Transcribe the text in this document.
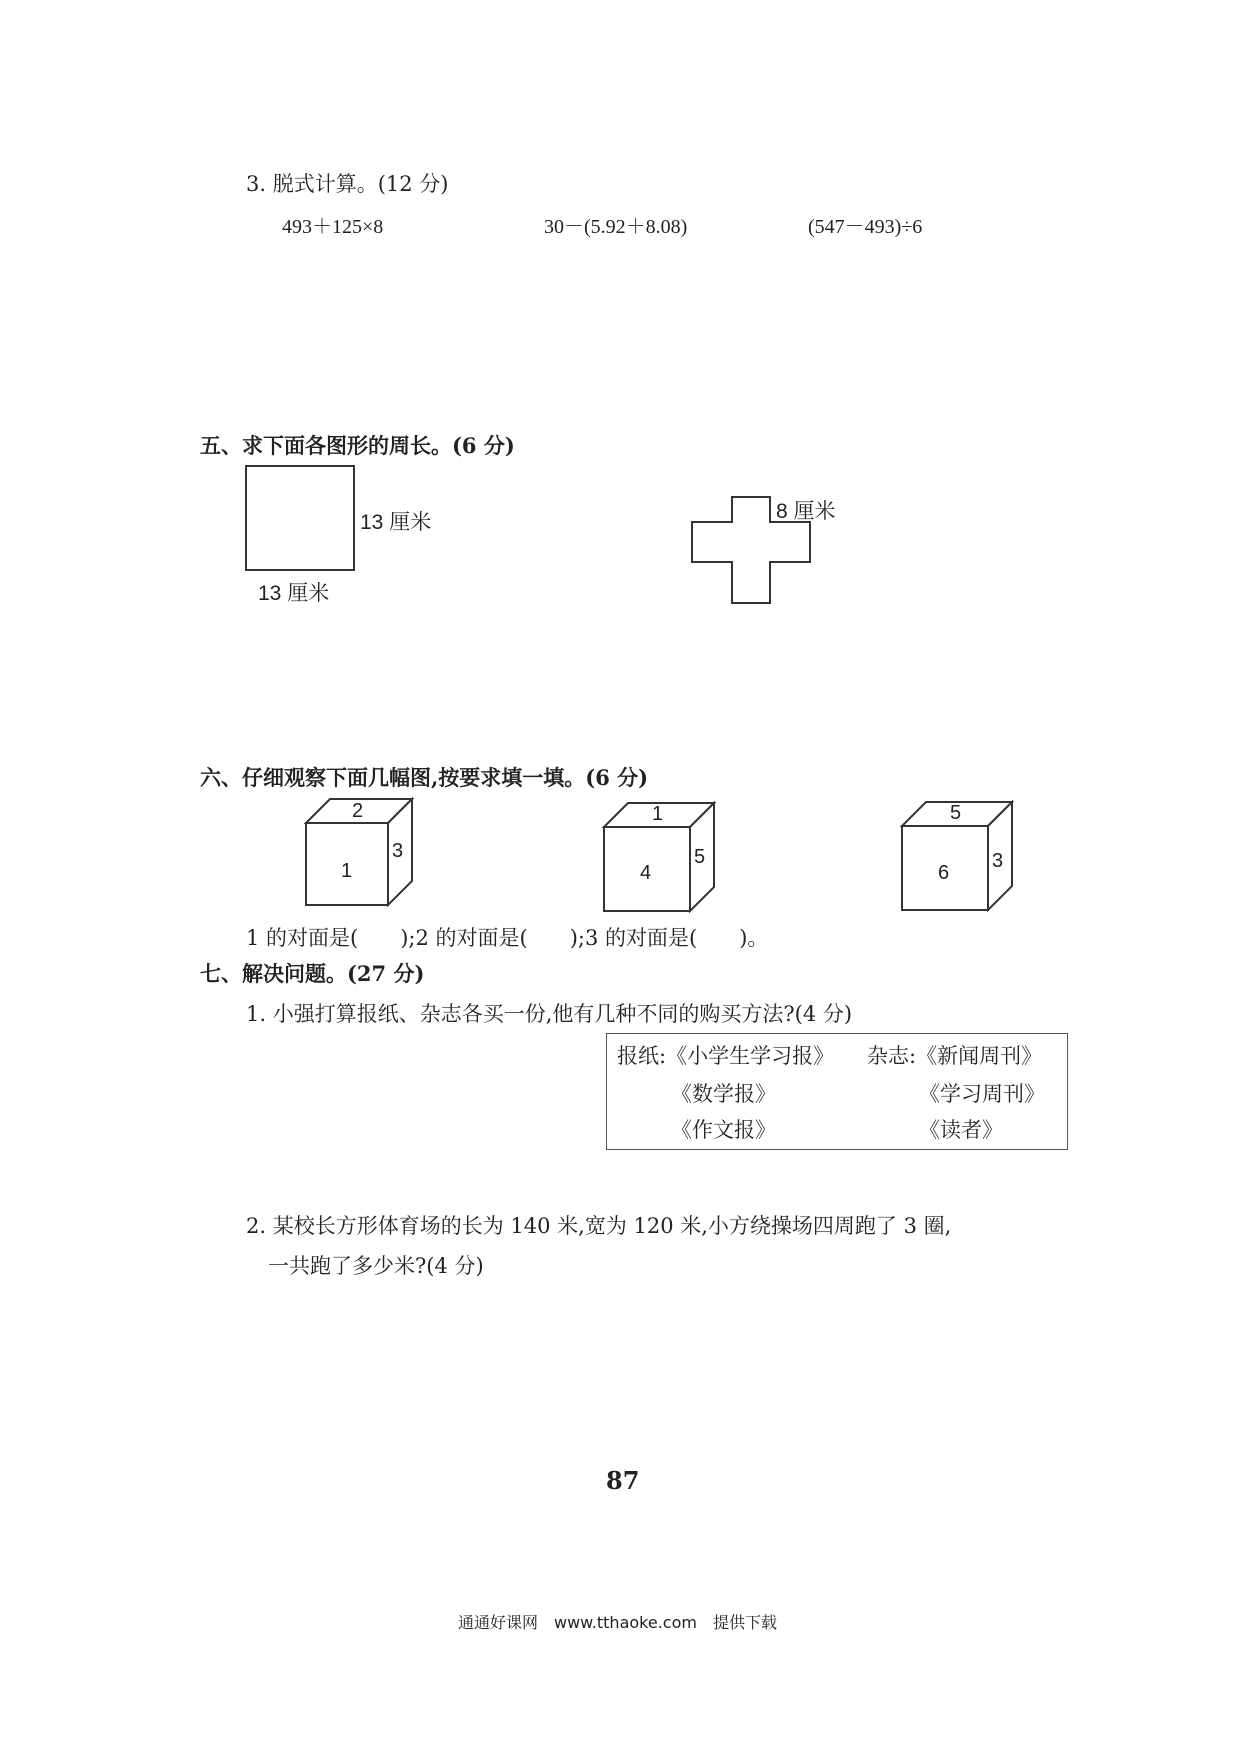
3. 脱式计算。(12 分)
493＋125×8	30－(5.92＋8.08)	(547－493)÷6
五、求下面各图形的周长。(6 分)
13 厘米
13 厘米
8 厘米
六、仔细观察下面几幅图,按要求填一填。(6 分)
2
1
3
1
4
5
5
6
3
1 的对面是(　　);2 的对面是(　　);3 的对面是(　　)。
七、解决问题。(27 分)
1. 小强打算报纸、杂志各买一份,他有几种不同的购买方法?(4 分)
报纸:《小学生学习报》 杂志:《新闻周刊》
《数学报》	《学习周刊》
《作文报》	《读者》
2. 某校长方形体育场的长为 140 米,宽为 120 米,小方绕操场四周跑了 3 圈,
一共跑了多少米?(4 分)
87
通通好课网　www.tthaoke.com　提供下载
